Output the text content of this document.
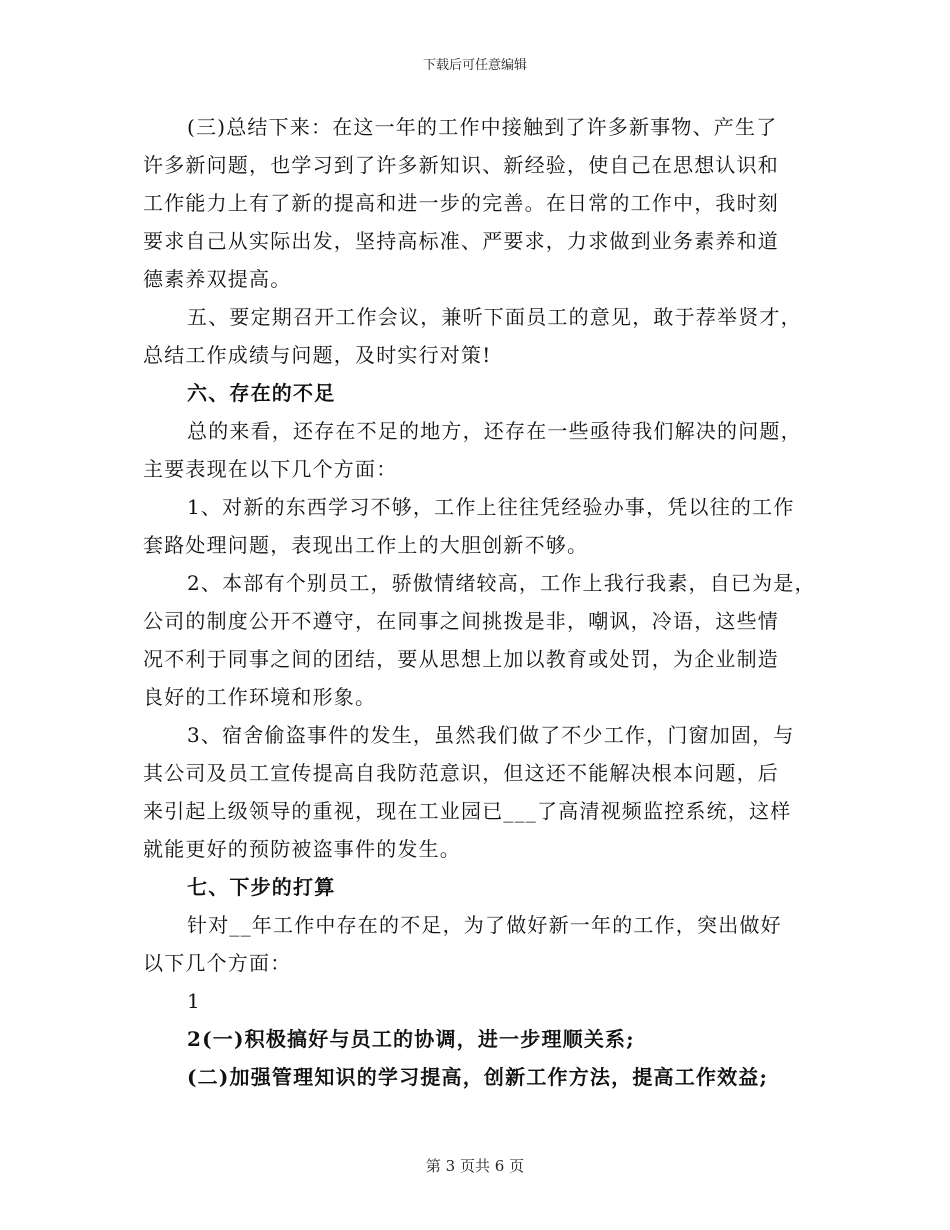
下载后可任意编辑
(三)总结下来：在这一年的工作中接触到了许多新事物、产生了
许多新问题，也学习到了许多新知识、新经验，使自己在思想认识和
工作能力上有了新的提高和进一步的完善。在日常的工作中，我时刻
要求自己从实际出发，坚持高标准、严要求，力求做到业务素养和道
德素养双提高。
五、要定期召开工作会议，兼听下面员工的意见，敢于荐举贤才，
总结工作成绩与问题，及时实行对策!
六、存在的不足
总的来看，还存在不足的地方，还存在一些亟待我们解决的问题，
主要表现在以下几个方面：
1、对新的东西学习不够，工作上往往凭经验办事，凭以往的工作
套路处理问题，表现出工作上的大胆创新不够。
2、本部有个别员工，骄傲情绪较高，工作上我行我素，自已为是，
公司的制度公开不遵守，在同事之间挑拨是非，嘲讽，冷语，这些情
况不利于同事之间的团结，要从思想上加以教育或处罚，为企业制造
良好的工作环境和形象。
3、宿舍偷盗事件的发生，虽然我们做了不少工作，门窗加固，与
其公司及员工宣传提高自我防范意识，但这还不能解决根本问题，后
来引起上级领导的重视，现在工业园已___了高清视频监控系统，这样
就能更好的预防被盗事件的发生。
七、下步的打算
针对__年工作中存在的不足，为了做好新一年的工作，突出做好
以下几个方面：
1
2(一)积极搞好与员工的协调，进一步理顺关系;
(二)加强管理知识的学习提高，创新工作方法，提高工作效益;
第 3 页共 6 页
